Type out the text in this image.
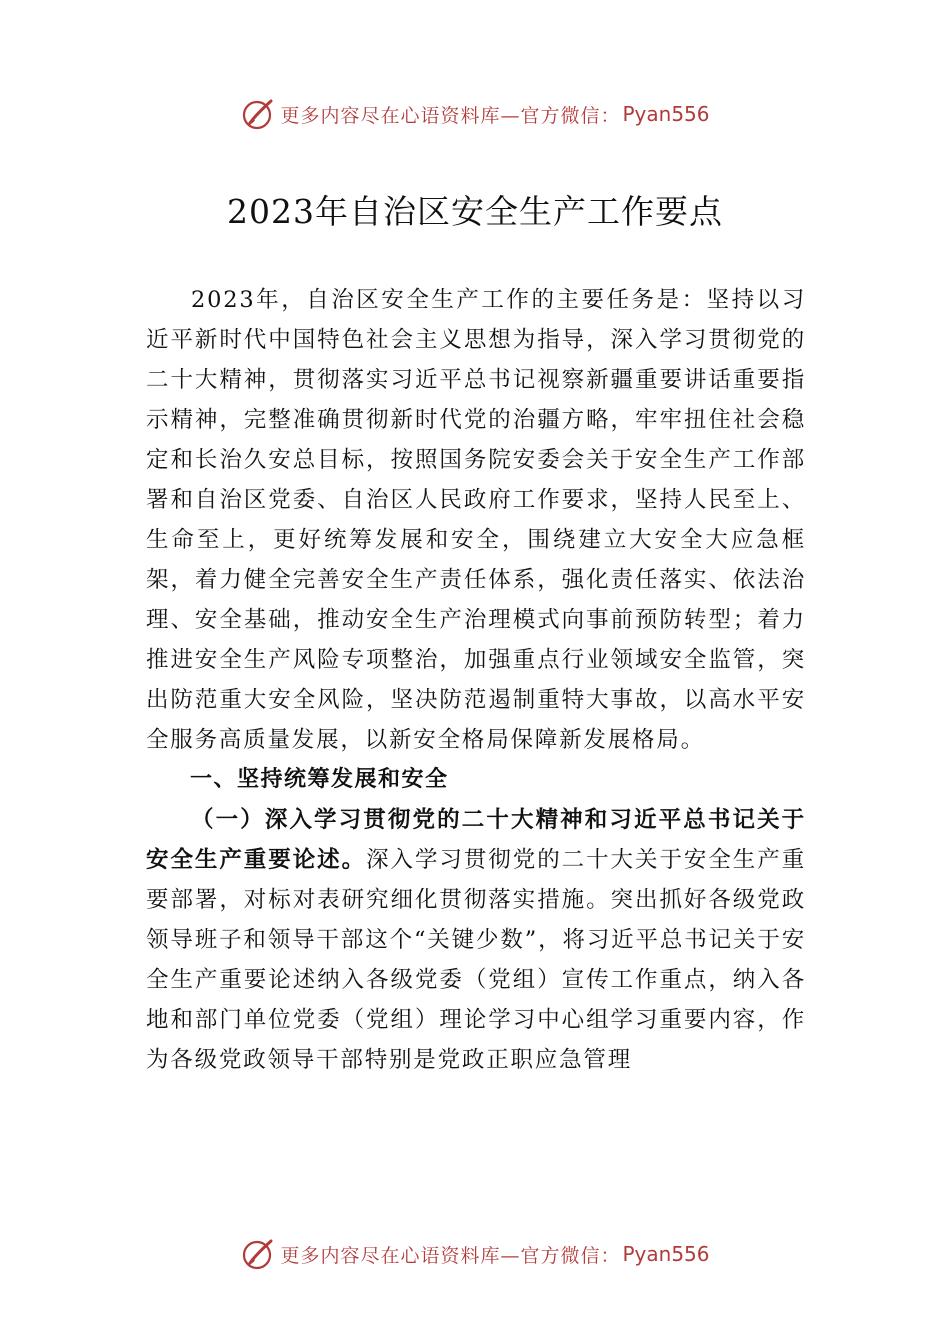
更多内容尽在心语资料库—官方微信： Pyan556
2023年自治区安全生产工作要点

2023年，自治区安全生产工作的主要任务是：坚持以习近平新时代中国特色社会主义思想为指导，深入学习贯彻党的二十大精神，贯彻落实习近平总书记视察新疆重要讲话重要指示精神，完整准确贯彻新时代党的治疆方略，牢牢扭住社会稳定和长治久安总目标，按照国务院安委会关于安全生产工作部署和自治区党委、自治区人民政府工作要求，坚持人民至上、生命至上，更好统筹发展和安全，围绕建立大安全大应急框架，着力健全完善安全生产责任体系，强化责任落实、依法治理、安全基础，推动安全生产治理模式向事前预防转型；着力推进安全生产风险专项整治，加强重点行业领域安全监管，突出防范重大安全风险，坚决防范遏制重特大事故，以高水平安全服务高质量发展，以新安全格局保障新发展格局。

一、坚持统筹发展和安全

（一）深入学习贯彻党的二十大精神和习近平总书记关于安全生产重要论述。深入学习贯彻党的二十大关于安全生产重要部署，对标对表研究细化贯彻落实措施。突出抓好各级党政领导班子和领导干部这个“关键少数”，将习近平总书记关于安全生产重要论述纳入各级党委（党组）宣传工作重点，纳入各地和部门单位党委（党组）理论学习中心组学习重要内容，作为各级党政领导干部特别是党政正职应急管理

更多内容尽在心语资料库—官方微信： Pyan556
